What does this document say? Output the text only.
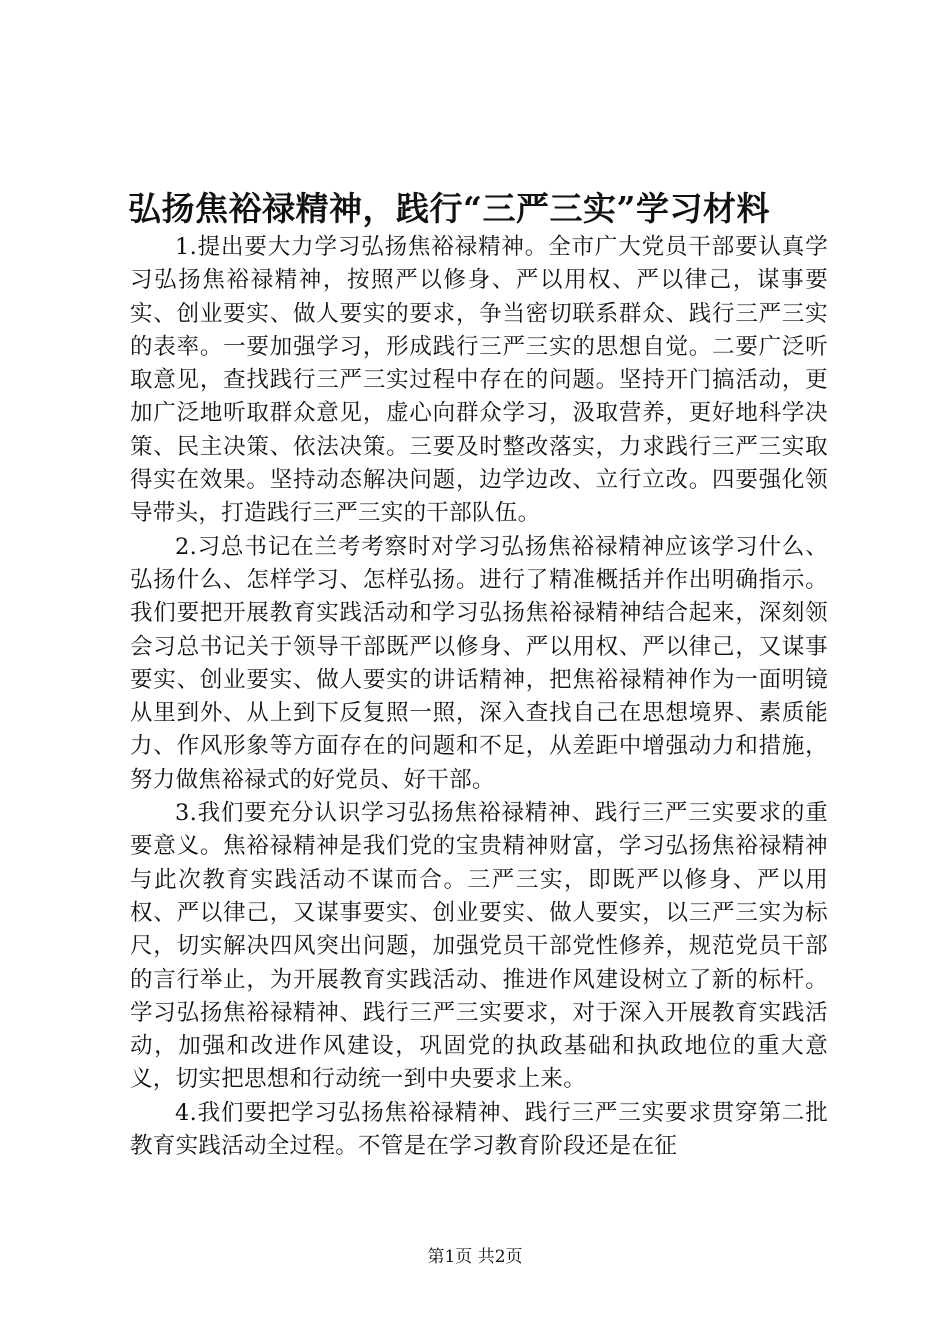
弘扬焦裕禄精神，践行“三严三实”学习材料

1.提出要大力学习弘扬焦裕禄精神。全市广大党员干部要认真学习弘扬焦裕禄精神，按照严以修身、严以用权、严以律己，谋事要实、创业要实、做人要实的要求，争当密切联系群众、践行三严三实的表率。一要加强学习，形成践行三严三实的思想自觉。二要广泛听取意见，查找践行三严三实过程中存在的问题。坚持开门搞活动，更加广泛地听取群众意见，虚心向群众学习，汲取营养，更好地科学决策、民主决策、依法决策。三要及时整改落实，力求践行三严三实取得实在效果。坚持动态解决问题，边学边改、立行立改。四要强化领导带头，打造践行三严三实的干部队伍。

2.习总书记在兰考考察时对学习弘扬焦裕禄精神应该学习什么、弘扬什么、怎样学习、怎样弘扬。进行了精准概括并作出明确指示。我们要把开展教育实践活动和学习弘扬焦裕禄精神结合起来，深刻领会习总书记关于领导干部既严以修身、严以用权、严以律己，又谋事要实、创业要实、做人要实的讲话精神，把焦裕禄精神作为一面明镜从里到外、从上到下反复照一照，深入查找自己在思想境界、素质能力、作风形象等方面存在的问题和不足，从差距中增强动力和措施，努力做焦裕禄式的好党员、好干部。

3.我们要充分认识学习弘扬焦裕禄精神、践行三严三实要求的重要意义。焦裕禄精神是我们党的宝贵精神财富，学习弘扬焦裕禄精神与此次教育实践活动不谋而合。三严三实，即既严以修身、严以用权、严以律己，又谋事要实、创业要实、做人要实，以三严三实为标尺，切实解决四风突出问题，加强党员干部党性修养，规范党员干部的言行举止，为开展教育实践活动、推进作风建设树立了新的标杆。学习弘扬焦裕禄精神、践行三严三实要求，对于深入开展教育实践活动，加强和改进作风建设，巩固党的执政基础和执政地位的重大意义，切实把思想和行动统一到中央要求上来。

4.我们要把学习弘扬焦裕禄精神、践行三严三实要求贯穿第二批教育实践活动全过程。不管是在学习教育阶段还是在征

第1页 共2页
